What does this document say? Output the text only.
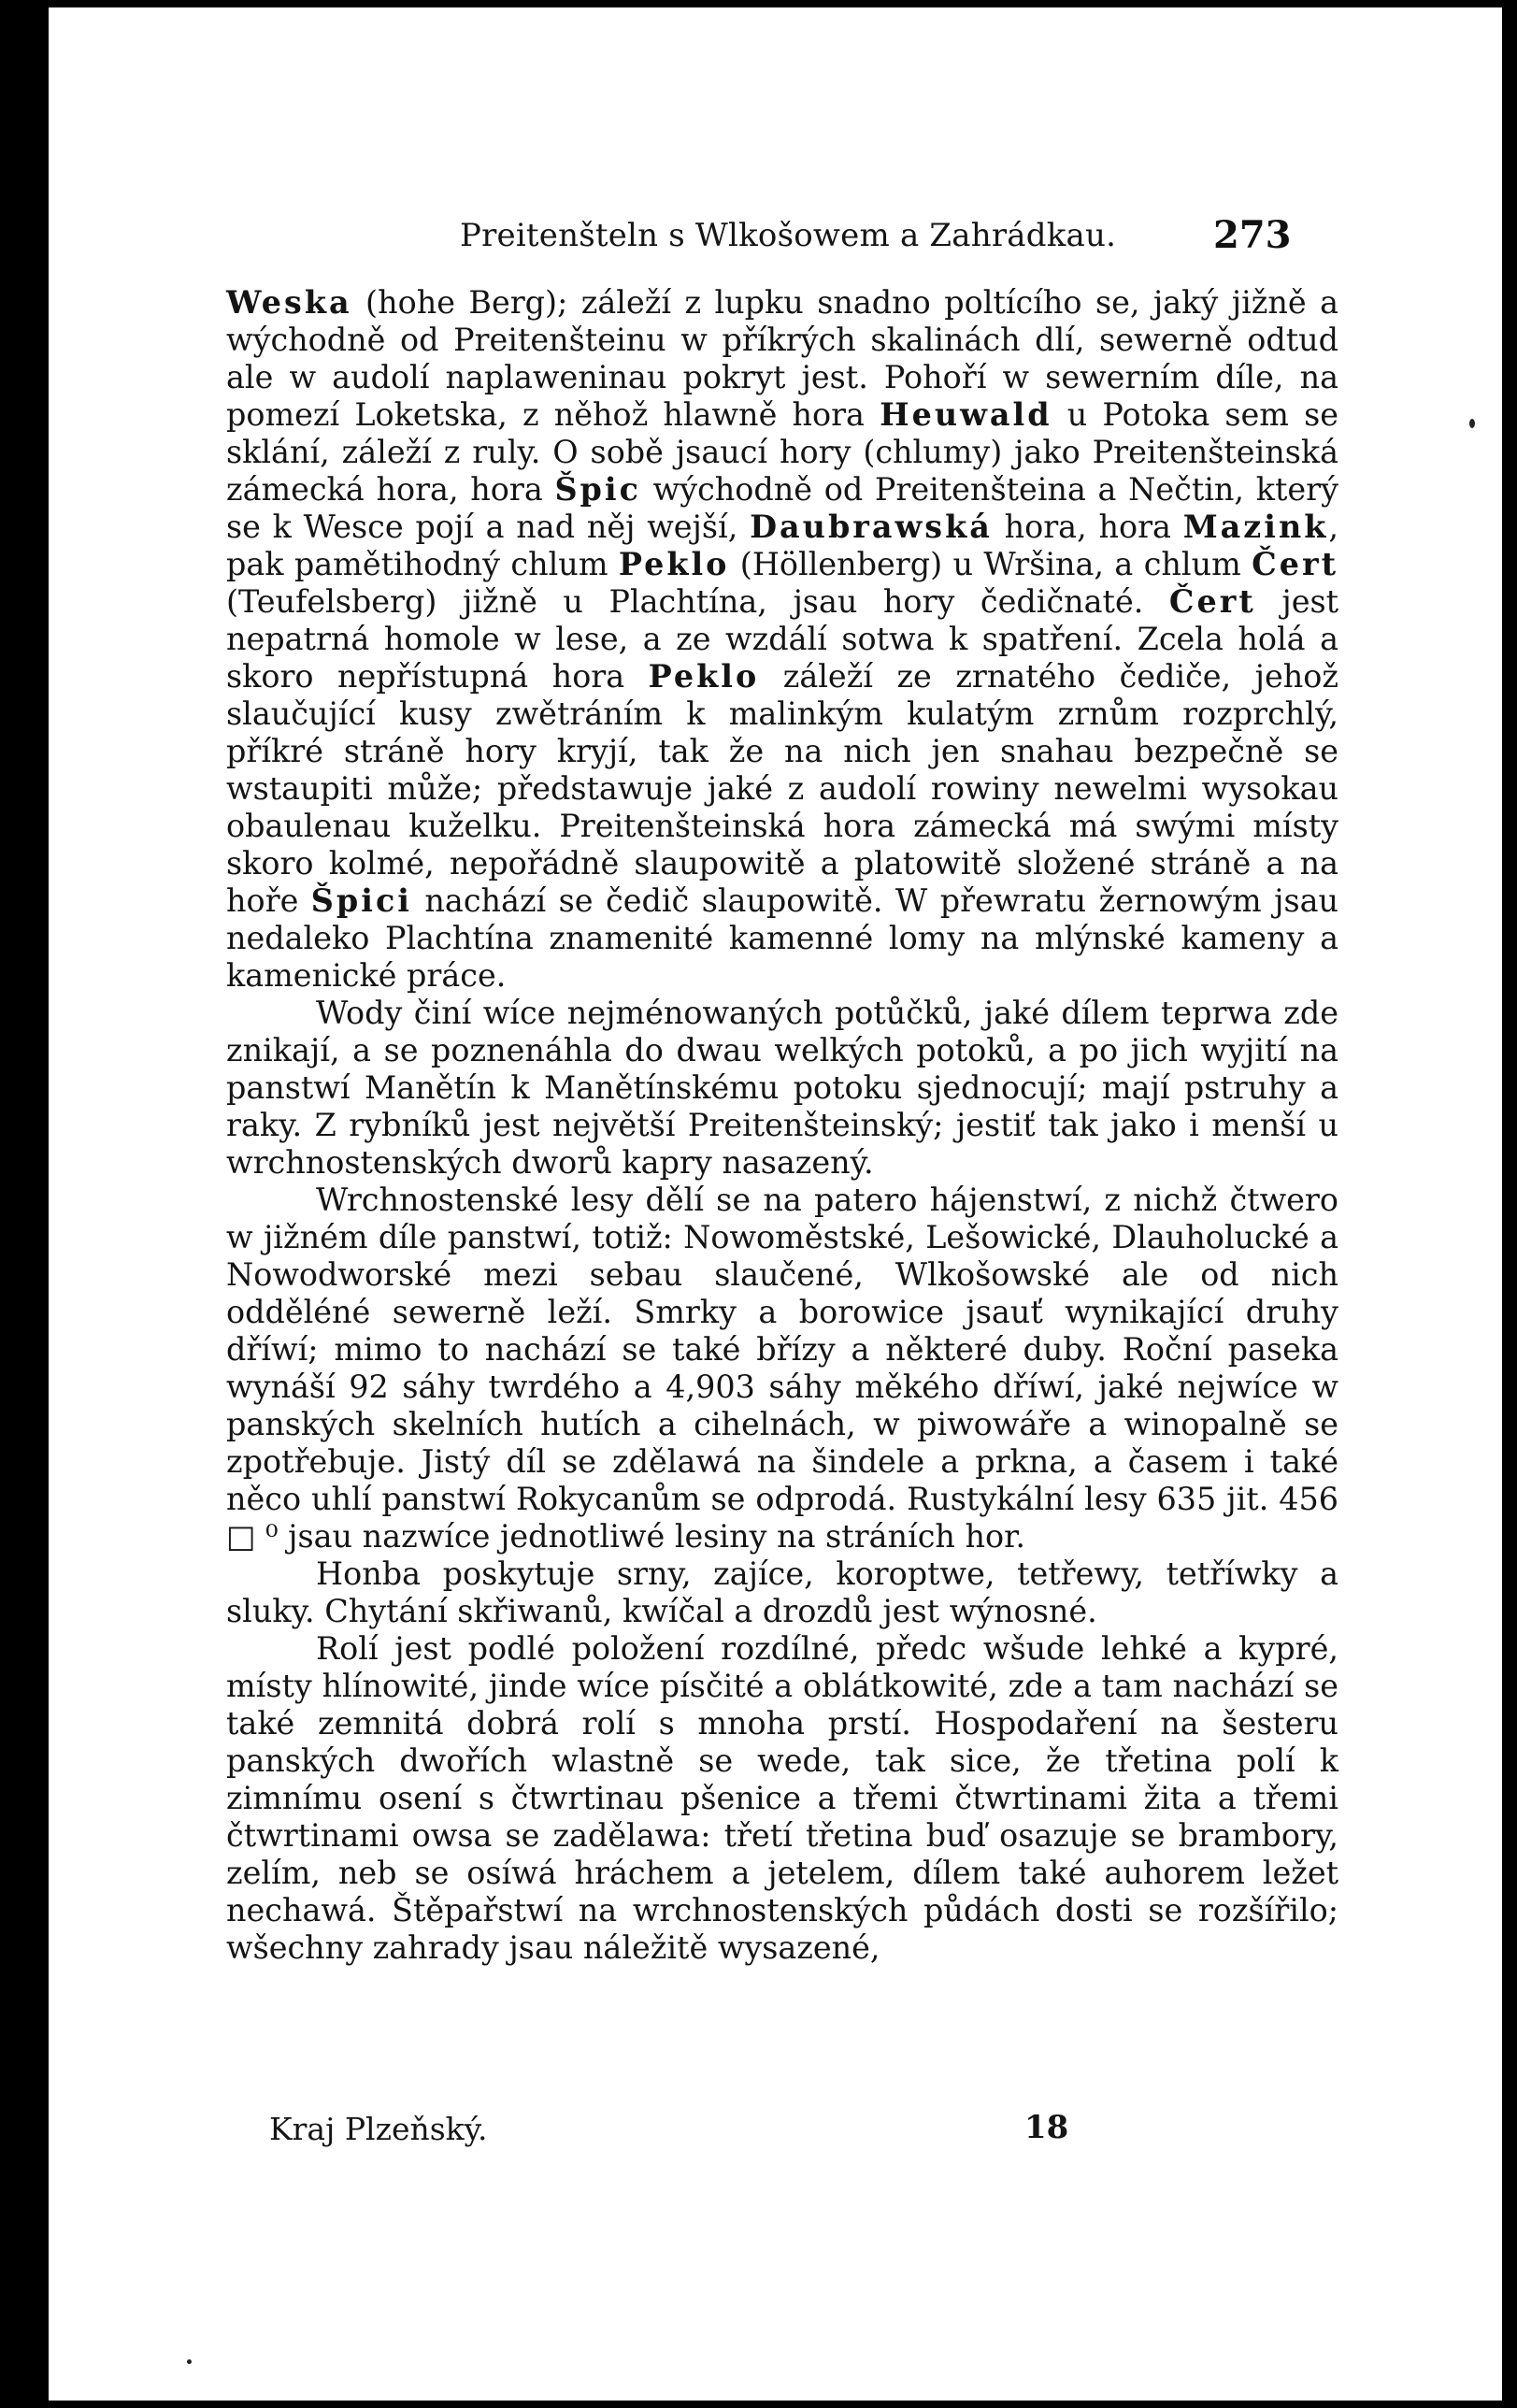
Preitenšteln s Wlkošowem a Zahrádkau.	273

Weska (hohe Berg); záleží z lupku snadno poltícího se, jaký jižně a wýchodně od Preitenšteinu w příkrých skalinách dlí, sewerně odtud ale w audolí naplaweninau pokryt jest. Pohoří w sewerním díle, na pomezí Loketska, z něhož hlawně hora Heuwald u Potoka sem se sklání, záleží z ruly. O sobě jsaucí hory (chlumy) jako Preitenšteinská zámecká hora, hora Špic wýchodně od Preitenšteina a Nečtin, který se k Wesce pojí a nad něj wejší, Daubrawská hora, hora Mazink, pak pamětihodný chlum Peklo (Höllenberg) u Wršina, a chlum Čert (Teufelsberg) jižně u Plachtína, jsau hory čedičnaté. Čert jest nepatrná homole w lese, a ze wzdálí sotwa k spatření. Zcela holá a skoro nepřístupná hora Peklo záleží ze zrnatého čediče, jehož slaučující kusy zwětráním k malinkým kulatým zrnům rozprchlý, příkré stráně hory kryjí, tak že na nich jen snahau bezpečně se wstaupiti může; předstawuje jaké z audolí rowiny newelmi wysokau obaulenau kuželku. Preitenšteinská hora zámecká má swými místy skoro kolmé, nepořádně slaupowitě a platowitě složené stráně a na hoře Špici nachází se čedič slaupowitě. W přewratu žernowým jsau nedaleko Plachtína znamenité kamenné lomy na mlýnské kameny a kamenické práce.

Wody činí wíce nejménowaných potůčků, jaké dílem teprwa zde znikají, a se poznenáhla do dwau welkých potoků, a po jich wyjití na panstwí Manětín k Manětínskému potoku sjednocují; mají pstruhy a raky. Z rybníků jest největší Preitenšteinský; jestiť tak jako i menší u wrchnostenských dworů kapry nasazený.

Wrchnostenské lesy dělí se na patero hájenstwí, z nichž čtwero w jižném díle panstwí, totiž: Nowoměstské, Lešowické, Dlauholucké a Nowodworské mezi sebau slaučené, Wlkošowské ale od nich odděléné sewerně leží. Smrky a borowice jsauť wynikající druhy dříwí; mimo to nachází se také břízy a některé duby. Roční paseka wynáší 92 sáhy twrdého a 4,903 sáhy měkého dříwí, jaké nejwíce w panských skelních hutích a cihelnách, w piwowáře a winopalně se zpotřebuje. Jistý díl se zdělawá na šindele a prkna, a časem i také něco uhlí panstwí Rokycanům se odprodá. Rustykální lesy 635 jit. 456 □ ⁰ jsau nazwíce jednotliwé lesiny na stráních hor.

Honba poskytuje srny, zajíce, koroptwe, tetřewy, tetříwky a sluky. Chytání skřiwanů, kwíčal a drozdů jest wýnosné.

Rolí jest podlé položení rozdílné, předc wšude lehké a kypré, místy hlínowité, jinde wíce písčité a oblátkowité, zde a tam nachází se také zemnitá dobrá rolí s mnoha prstí. Hospodaření na šesteru panských dwořích wlastně se wede, tak sice, že třetina polí k zimnímu osení s čtwrtinau pšenice a třemi čtwrtinami žita a třemi čtwrtinami owsa se zadělawa: třetí třetina buď osazuje se brambory, zelím, neb se osíwá hráchem a jetelem, dílem také auhorem ležet nechawá. Štěpařstwí na wrchnostenských půdách dosti se rozšířilo; wšechny zahrady jsau náležitě wysazené,

Kraj Plzeňský.	18
